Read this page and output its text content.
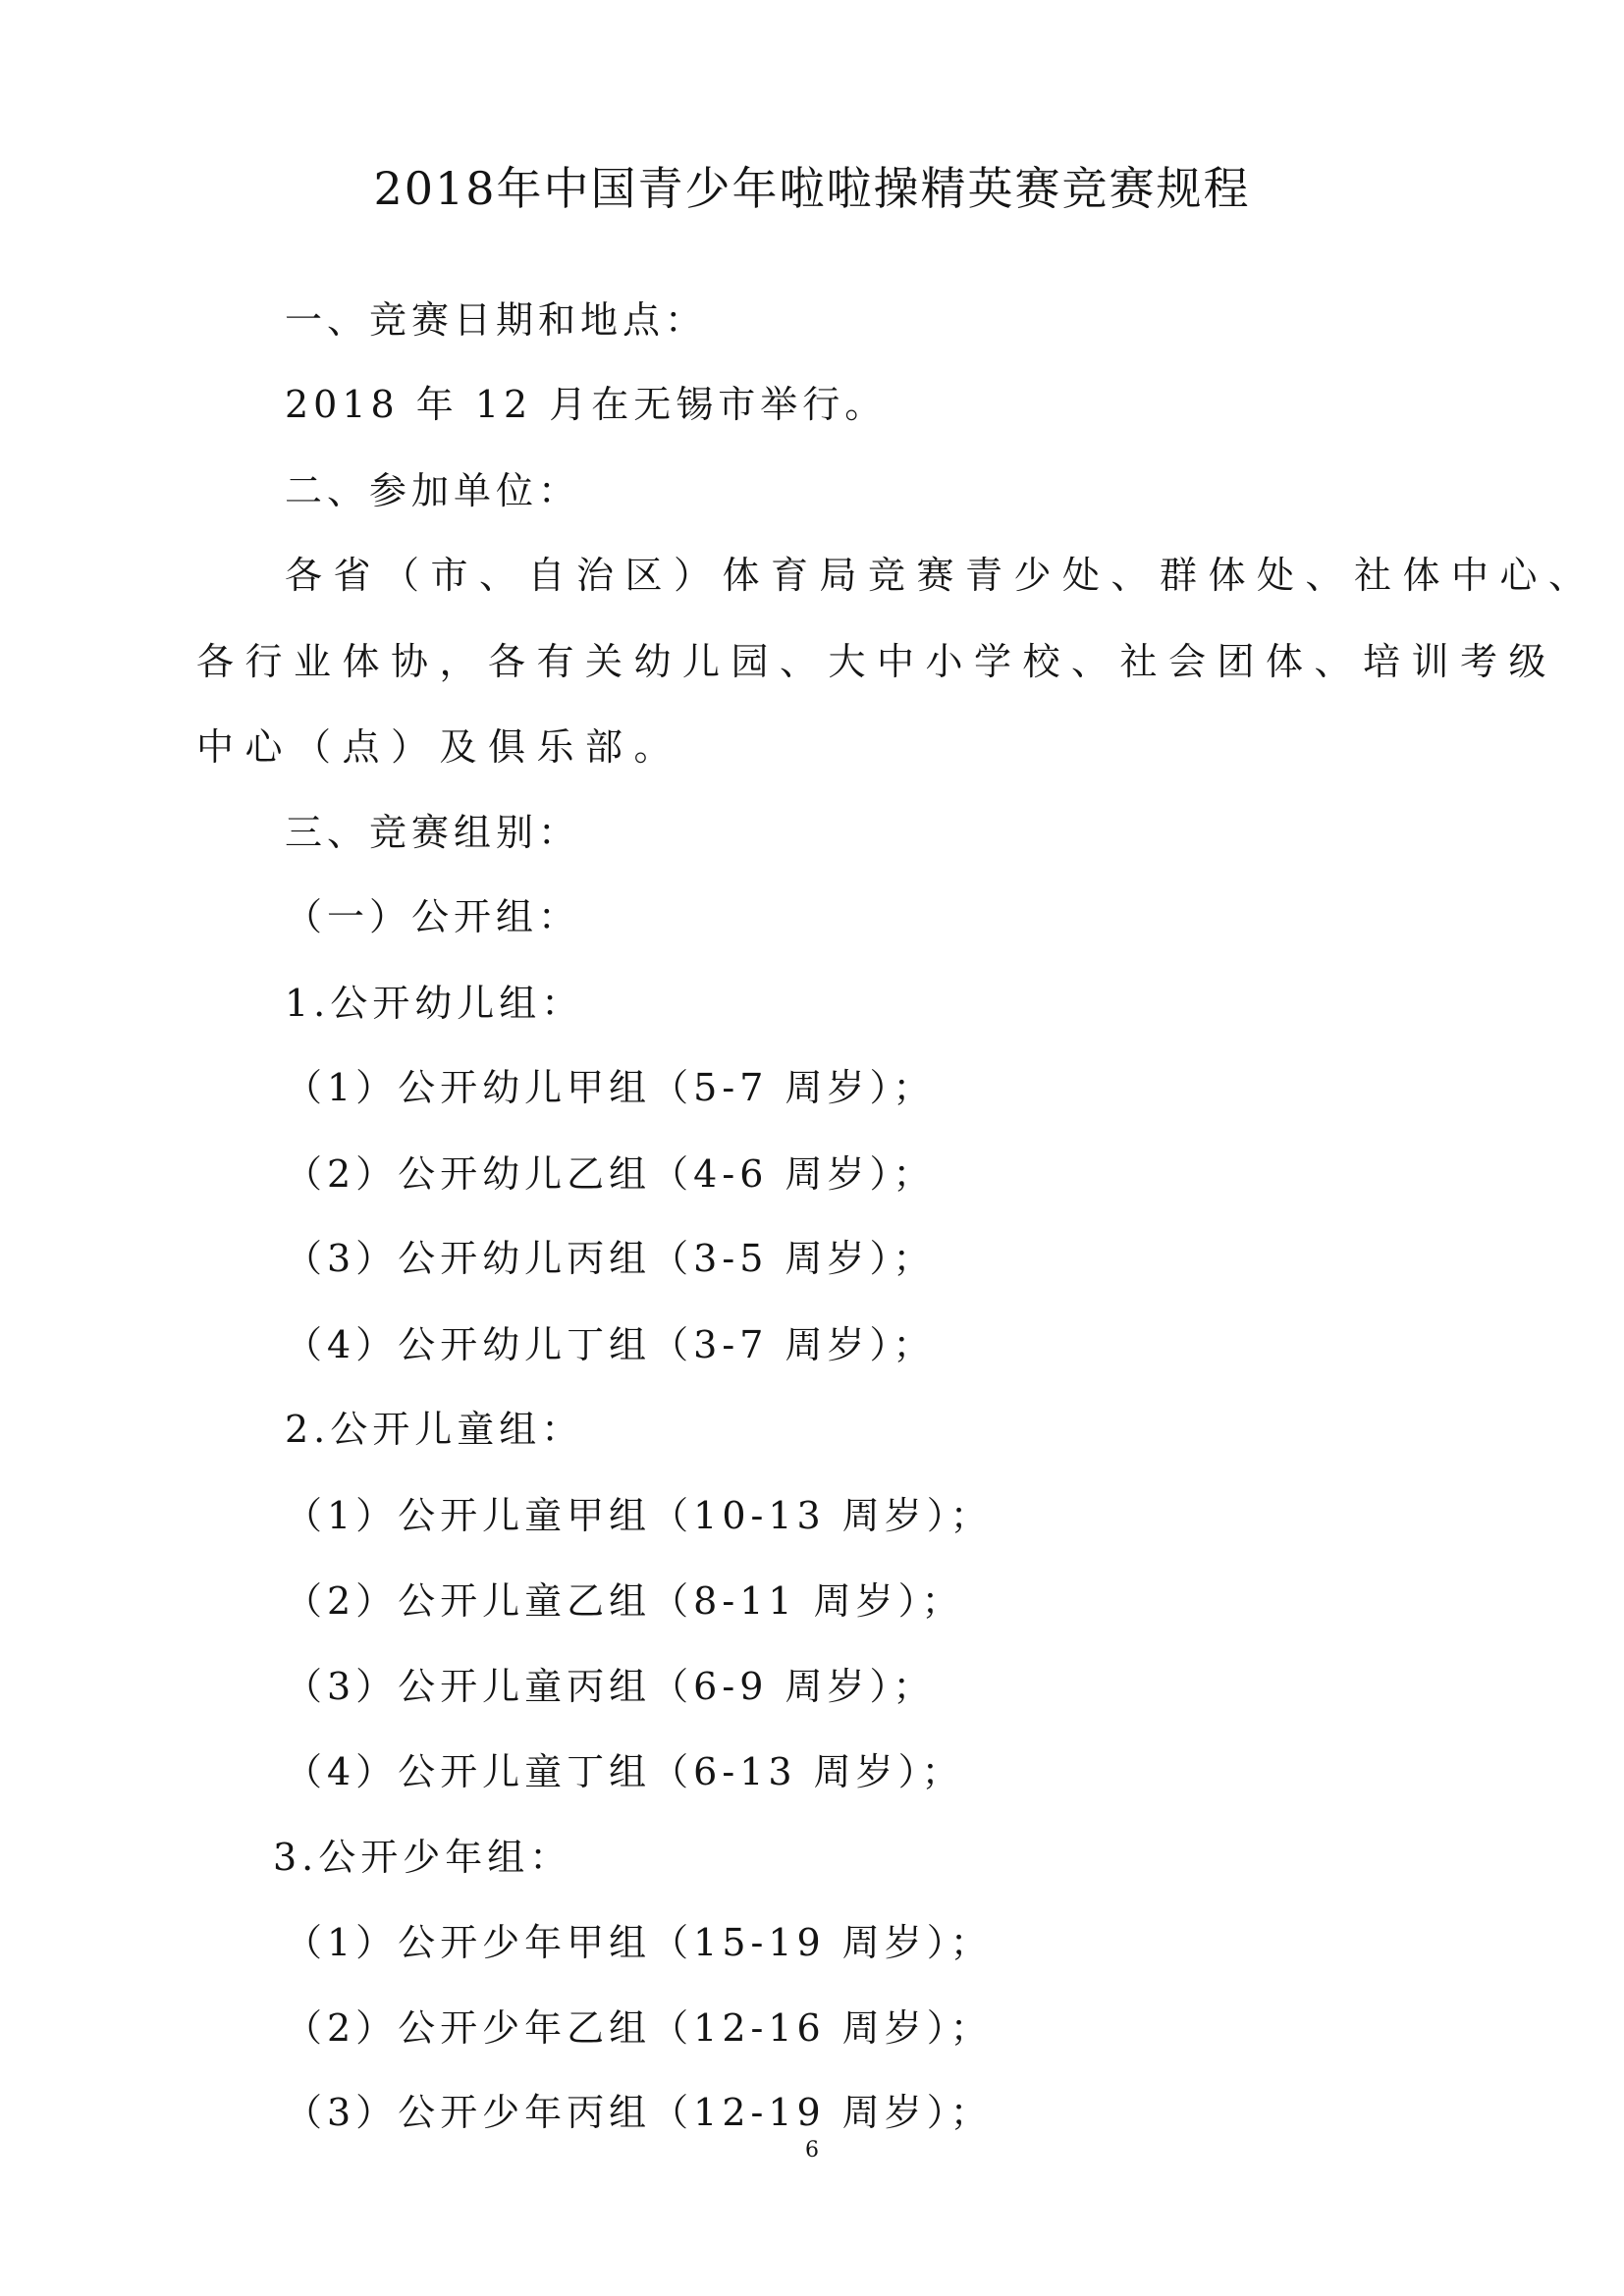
2018年中国青少年啦啦操精英赛竞赛规程
一、竞赛日期和地点：
2018 年 12 月在无锡市举行。
二、参加单位：
各省（市、自治区）体育局竞赛青少处、群体处、社体中心、
各行业体协，各有关幼儿园、大中小学校、社会团体、培训考级
中心（点）及俱乐部。
三、竞赛组别：
（一）公开组：
1.公开幼儿组：
（1）公开幼儿甲组（5-7 周岁）；
（2）公开幼儿乙组（4-6 周岁）；
（3）公开幼儿丙组（3-5 周岁）；
（4）公开幼儿丁组（3-7 周岁）；
2.公开儿童组：
（1）公开儿童甲组（10-13 周岁）；
（2）公开儿童乙组（8-11 周岁）；
（3）公开儿童丙组（6-9 周岁）；
（4）公开儿童丁组（6-13 周岁）；
3.公开少年组：
（1）公开少年甲组（15-19 周岁）；
（2）公开少年乙组（12-16 周岁）；
（3）公开少年丙组（12-19 周岁）；
6
